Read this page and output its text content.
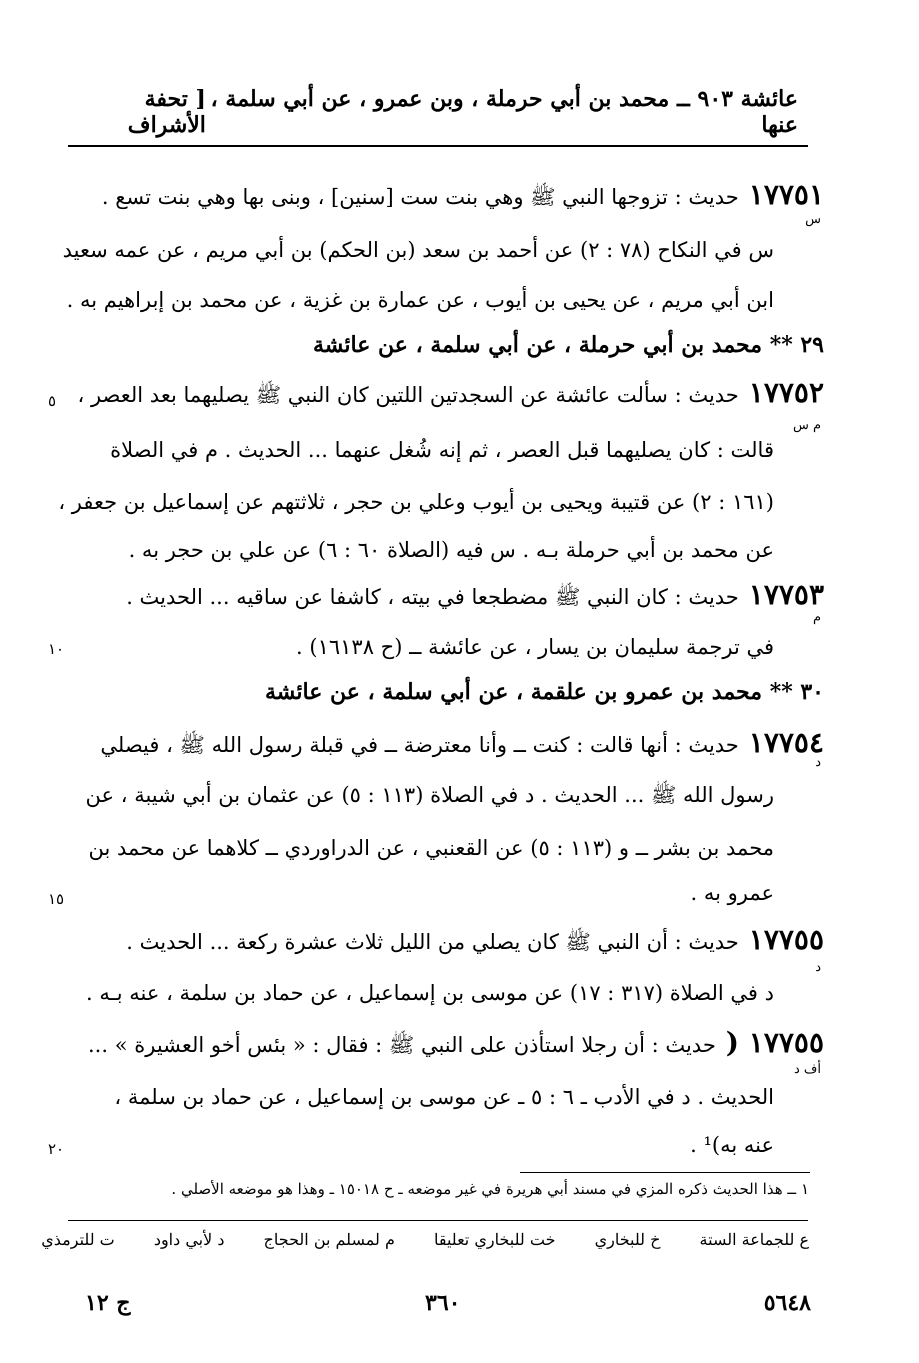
عائشة ٩٠٣ ــ محمد بن أبي حرملة ، وبن عمرو ، عن أبي سلمة ، عنها
[ تحفة الأشراف
١٧٧٥١حديث : تزوجها النبي ﷺ وهي بنت ست [سنين] ، وبنى بها وهي بنت تسع .
س في النكاح (٧٨ : ٢) عن أحمد بن سعد (بن الحكم) بن أبي مريم ، عن عمه سعيد
ابن أبي مريم ، عن يحيى بن أيوب ، عن عمارة بن غزية ، عن محمد بن إبراهيم به .
٢٩ ** محمد بن أبي حرملة ، عن أبي سلمة ، عن عائشة
١٧٧٥٢حديث : سألت عائشة عن السجدتين اللتين كان النبي ﷺ يصليهما بعد العصر ،
قالت : كان يصليهما قبل العصر ، ثم إنه شُغل عنهما ... الحديث . م في الصلاة
(١٦١ : ٢) عن قتيبة ويحيى بن أيوب وعلي بن حجر ، ثلاثتهم عن إسماعيل بن جعفر ،
عن محمد بن أبي حرملة بـه . س فيه (الصلاة ٦٠ : ٦) عن علي بن حجر به .
١٧٧٥٣حديث : كان النبي ﷺ مضطجعا في بيته ، كاشفا عن ساقيه ... الحديث .
في ترجمة سليمان بن يسار ، عن عائشة ــ (ح ١٦١٣٨) .
٣٠ ** محمد بن عمرو بن علقمة ، عن أبي سلمة ، عن عائشة
١٧٧٥٤حديث : أنها قالت : كنت ــ وأنا معترضة ــ في قبلة رسول الله ﷺ ، فيصلي
رسول الله ﷺ ... الحديث . د في الصلاة (١١٣ : ٥) عن عثمان بن أبي شيبة ، عن
محمد بن بشر ــ و (١١٣ : ٥) عن القعنبي ، عن الدراوردي ــ كلاهما عن محمد بن
عمرو به .
١٧٧٥٥حديث : أن النبي ﷺ كان يصلي من الليل ثلاث عشرة ركعة ... الحديث .
د في الصلاة (٣١٧ : ١٧) عن موسى بن إسماعيل ، عن حماد بن سلمة ، عنه بـه .
١٧٧٥٥ (حديث : أن رجلا استأذن على النبي ﷺ : فقال : « بئس أخو العشيرة » ...
الحديث . د في الأدب ـ ٦ : ٥ ـ عن موسى بن إسماعيل ، عن حماد بن سلمة ،
عنه به)¹ .
س
م س
م
د
د
أف د
٥
١٠
١٥
٢٠
١ ــ هذا الحديث ذكره المزي في مسند أبي هريرة في غير موضعه ـ ح ١٥٠١٨ ـ وهذا هو موضعه الأصلي .
ع للجماعة الستة خ للبخاري خت للبخاري تعليقا م لمسلم بن الحجاج د لأبي داود ت للترمذي
ج ١٢	٣٦٠	٥٦٤٨
